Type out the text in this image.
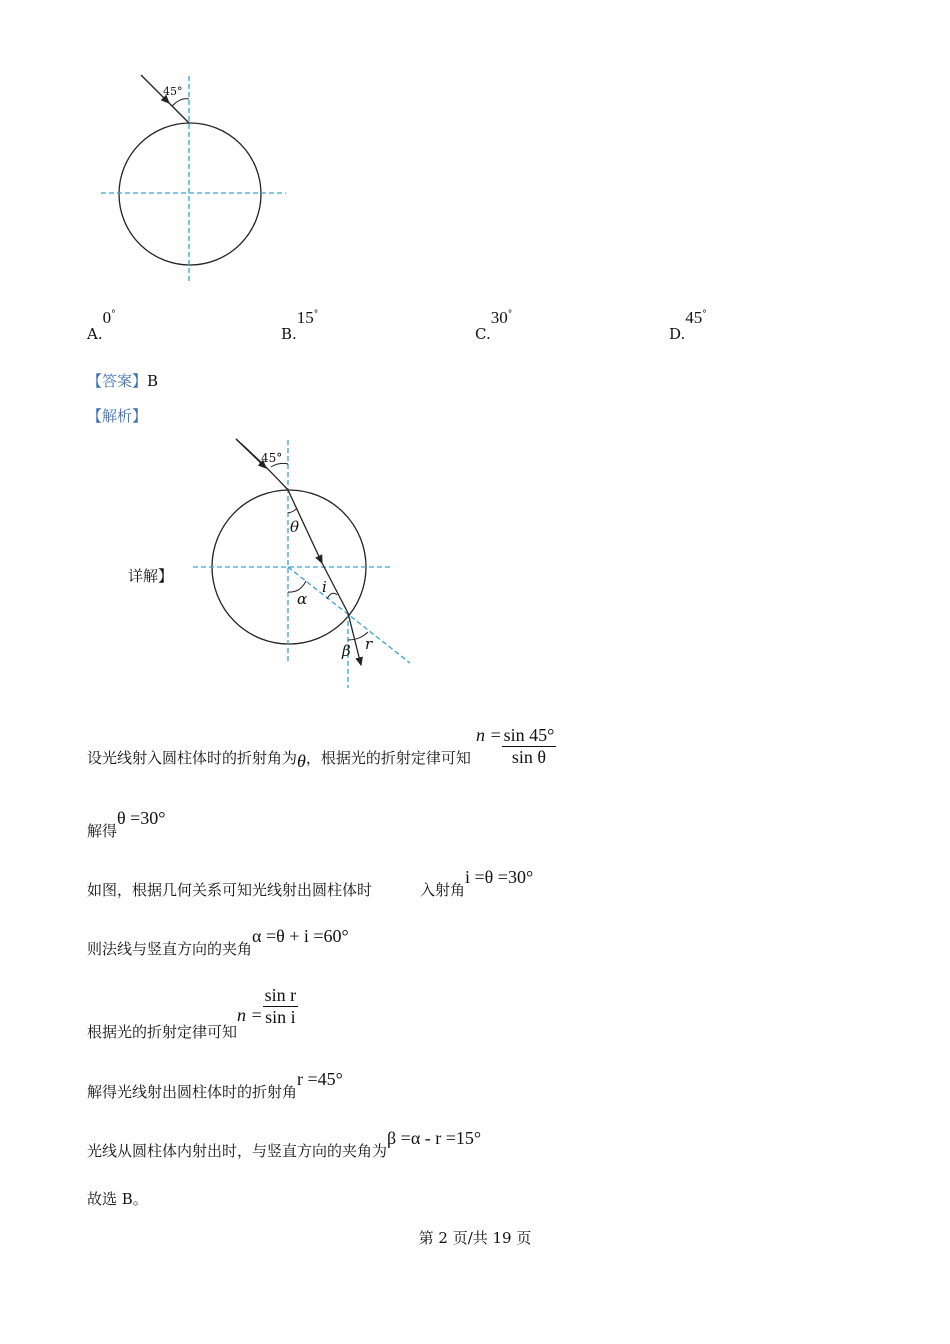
45°
45°
θ
α
i
r
β
A.0°
B.15°
C.30°
D.45°
【答案】B
【解析】
详解】
设光线射入圆柱体时的折射角为θ，根据光的折射定律可知 $n = \frac{\sin 45^\circ}{\text{sin θ}}$
解得θ =30°
如图，根据几何关系可知光线射出圆柱体时	入射角i =θ =30°
则法线与竖直方向的夹角α =θ + i =60°
根据光的折射定律可知$n = \frac{\text{sin r}}{\text{sin i}}$
解得光线射出圆柱体时的折射角r =45°
光线从圆柱体内射出时，与竖直方向的夹角为β =α - r =15°
故选 B。
第 2 页/共 19 页
